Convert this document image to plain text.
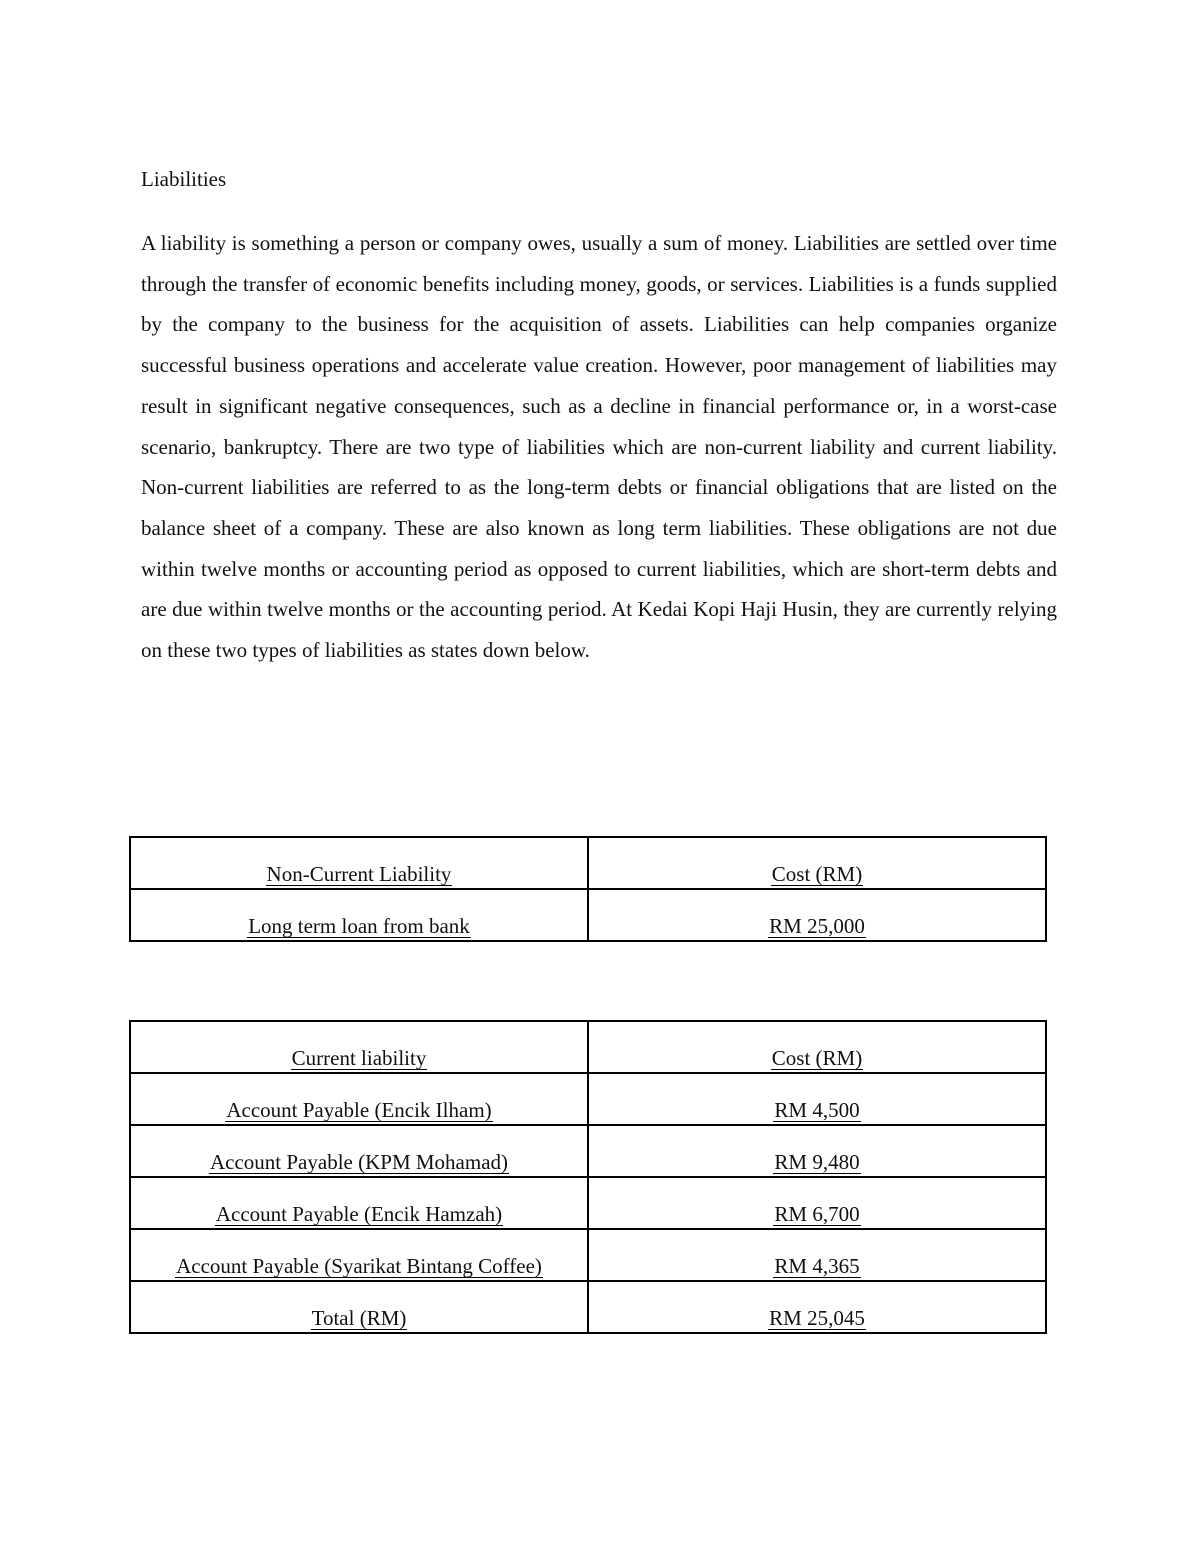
Liabilities

A liability is something a person or company owes, usually a sum of money. Liabilities are settled over time through the transfer of economic benefits including money, goods, or services. Liabilities is a funds supplied by the company to the business for the acquisition of assets. Liabilities can help companies organize successful business operations and accelerate value creation. However, poor management of liabilities may result in significant negative consequences, such as a decline in financial performance or, in a worst-case scenario, bankruptcy. There are two type of liabilities which are non-current liability and current liability. Non-current liabilities are referred to as the long-term debts or financial obligations that are listed on the balance sheet of a company. These are also known as long term liabilities. These obligations are not due within twelve months or accounting period as opposed to current liabilities, which are short-term debts and are due within twelve months or the accounting period. At Kedai Kopi Haji Husin, they are currently relying on these two types of liabilities as states down below.

Non-Current Liability	Cost (RM)
Long term loan from bank	RM 25,000
Current liability	Cost (RM)
Account Payable (Encik Ilham)	RM 4,500
Account Payable (KPM Mohamad)	RM 9,480
Account Payable (Encik Hamzah)	RM 6,700
Account Payable (Syarikat Bintang Coffee)	RM 4,365
Total (RM)	RM 25,045
